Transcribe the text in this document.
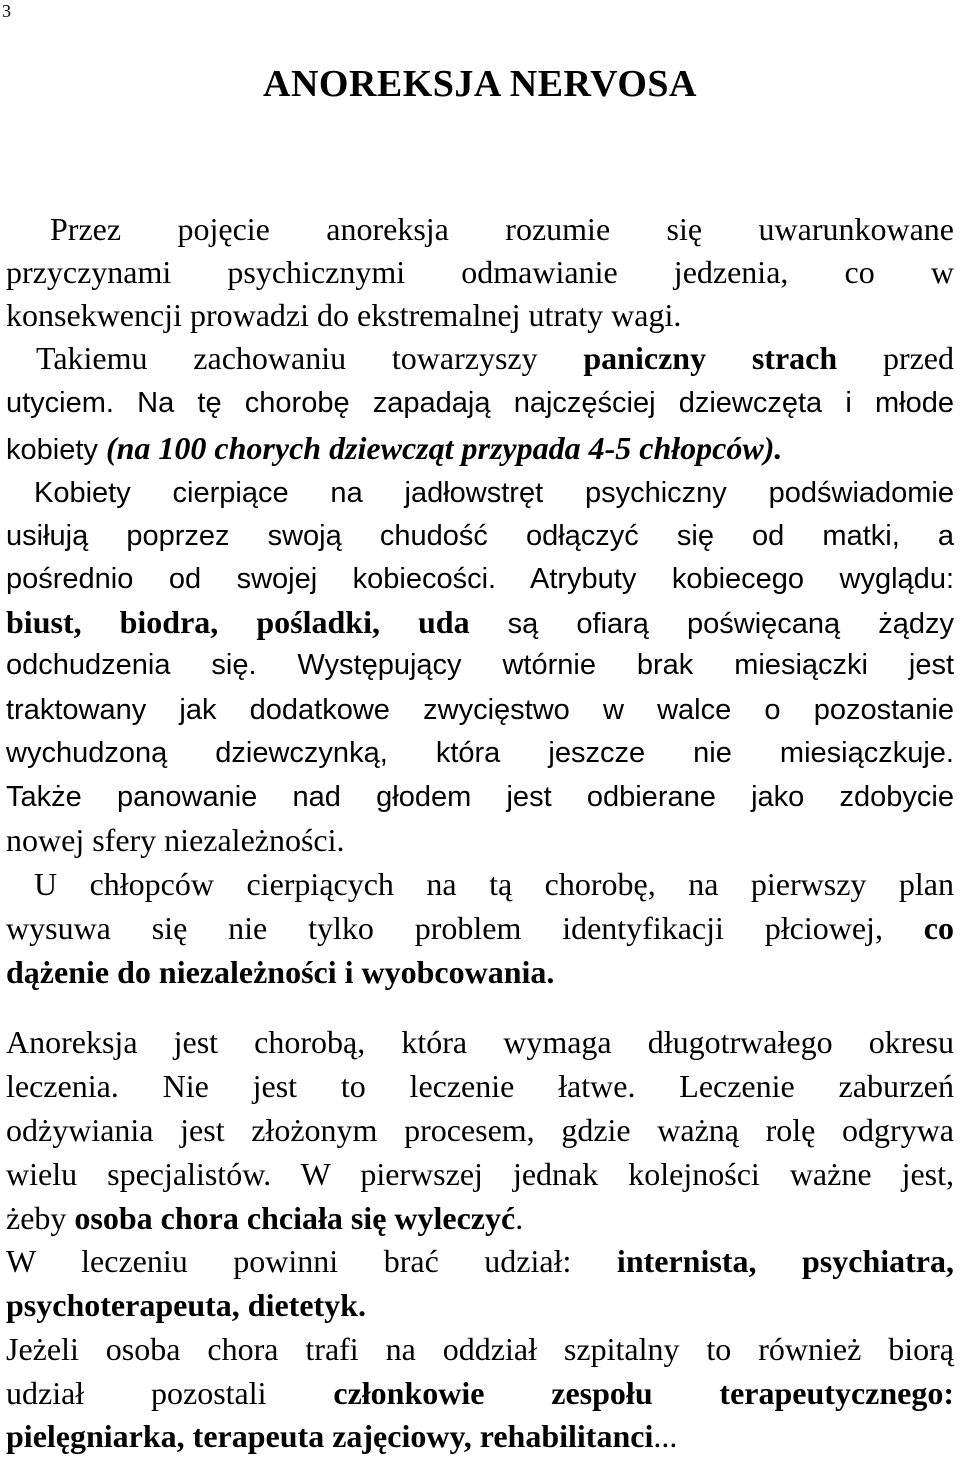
3
ANOREKSJA NERVOSA
Przez pojęcie anoreksja rozumie się uwarunkowane
przyczynami psychicznymi odmawianie jedzenia, co w
konsekwencji prowadzi do ekstremalnej utraty wagi.
Takiemu zachowaniu towarzyszy paniczny strach przed
utyciem. Na tę chorobę zapadają najczęściej dziewczęta i młode
kobiety (na 100 chorych dziewcząt przypada 4-5 chłopców).
Kobiety cierpiące na jadłowstręt psychiczny podświadomie
usiłują poprzez swoją chudość odłączyć się od matki, a
pośrednio od swojej kobiecości. Atrybuty kobiecego wyglądu:
biust, biodra, pośladki, uda są ofiarą poświęcaną żądzy
odchudzenia się. Występujący wtórnie brak miesiączki jest
traktowany jak dodatkowe zwycięstwo w walce o pozostanie
wychudzoną dziewczynką, która jeszcze nie miesiączkuje.
Także panowanie nad głodem jest odbierane jako zdobycie
nowej sfery niezależności.
U chłopców cierpiących na tą chorobę, na pierwszy plan
wysuwa się nie tylko problem identyfikacji płciowej, co
dążenie do niezależności i wyobcowania.
Anoreksja jest chorobą, która wymaga długotrwałego okresu
leczenia. Nie jest to leczenie łatwe. Leczenie zaburzeń
odżywiania jest złożonym procesem, gdzie ważną rolę odgrywa
wielu specjalistów. W pierwszej jednak kolejności ważne jest,
żeby osoba chora chciała się wyleczyć.
W leczeniu powinni brać udział: internista, psychiatra,
psychoterapeuta, dietetyk.
Jeżeli osoba chora trafi na oddział szpitalny to również biorą
udział pozostali członkowie zespołu terapeutycznego:
pielęgniarka, terapeuta zajęciowy, rehabilitanci...
